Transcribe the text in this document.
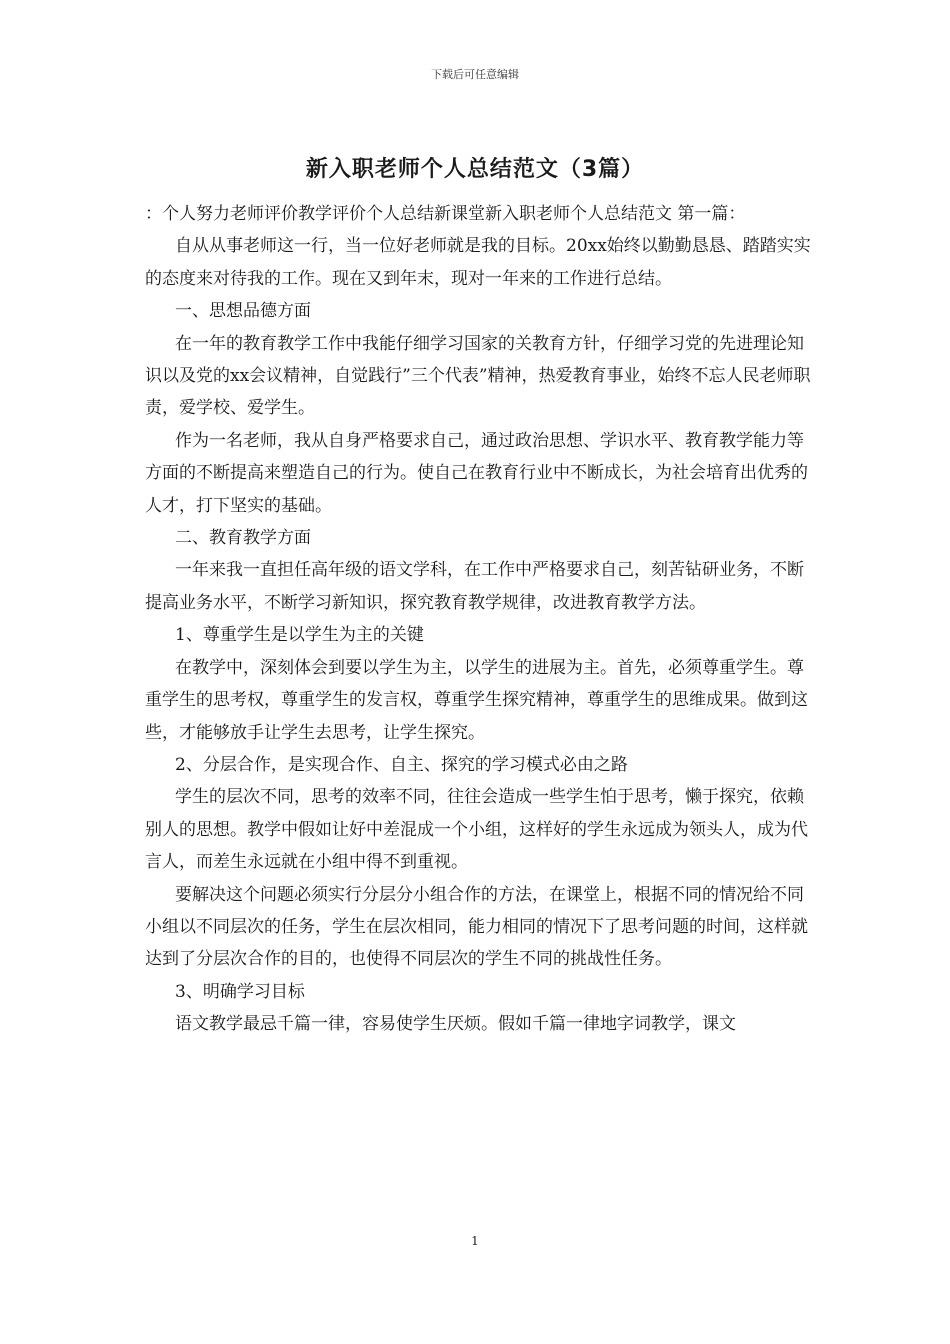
下载后可任意编辑
新入职老师个人总结范文（3篇）

：个人努力老师评价教学评价个人总结新课堂新入职老师个人总结范文 第一篇：

自从从事老师这一行，当一位好老师就是我的目标。20xx始终以勤勤恳恳、踏踏实实的态度来对待我的工作。现在又到年末，现对一年来的工作进行总结。

一、思想品德方面

在一年的教育教学工作中我能仔细学习国家的关教育方针，仔细学习党的先进理论知识以及党的xx会议精神，自觉践行”三个代表”精神，热爱教育事业，始终不忘人民老师职责，爱学校、爱学生。

作为一名老师，我从自身严格要求自己，通过政治思想、学识水平、教育教学能力等方面的不断提高来塑造自己的行为。使自己在教育行业中不断成长，为社会培育出优秀的人才，打下坚实的基础。

二、教育教学方面

一年来我一直担任高年级的语文学科，在工作中严格要求自己，刻苦钻研业务，不断提高业务水平，不断学习新知识，探究教育教学规律，改进教育教学方法。

1、尊重学生是以学生为主的关键

在教学中，深刻体会到要以学生为主，以学生的进展为主。首先，必须尊重学生。尊重学生的思考权，尊重学生的发言权，尊重学生探究精神，尊重学生的思维成果。做到这些，才能够放手让学生去思考，让学生探究。

2、分层合作，是实现合作、自主、探究的学习模式必由之路

学生的层次不同，思考的效率不同，往往会造成一些学生怕于思考，懒于探究，依赖别人的思想。教学中假如让好中差混成一个小组，这样好的学生永远成为领头人，成为代言人，而差生永远就在小组中得不到重视。

要解决这个问题必须实行分层分小组合作的方法，在课堂上，根据不同的情况给不同小组以不同层次的任务，学生在层次相同，能力相同的情况下了思考问题的时间，这样就达到了分层次合作的目的，也使得不同层次的学生不同的挑战性任务。

3、明确学习目标

语文教学最忌千篇一律，容易使学生厌烦。假如千篇一律地字词教学，课文

1
